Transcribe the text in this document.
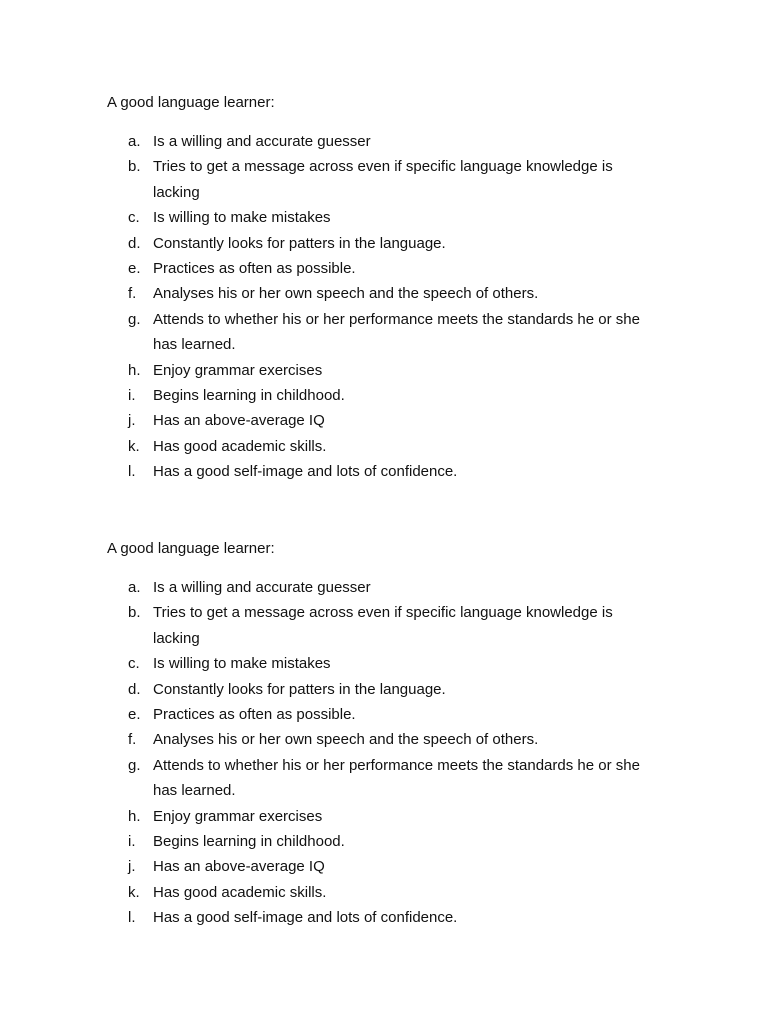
A good language learner:
a. Is a willing and accurate guesser
b. Tries to get a message across even if specific language knowledge is lacking
c. Is willing to make mistakes
d. Constantly looks for patters in the language.
e. Practices as often as possible.
f.	Analyses his or her own speech and the speech of others.
g. Attends to whether his or her performance meets the standards he or she has learned.
h. Enjoy grammar exercises
i.	Begins learning in childhood.
j.	Has an above-average IQ
k. Has good academic skills.
l.	Has a good self-image and lots of confidence.
A good language learner:
a. Is a willing and accurate guesser
b. Tries to get a message across even if specific language knowledge is lacking
c. Is willing to make mistakes
d. Constantly looks for patters in the language.
e. Practices as often as possible.
f.	Analyses his or her own speech and the speech of others.
g. Attends to whether his or her performance meets the standards he or she has learned.
h. Enjoy grammar exercises
i.	Begins learning in childhood.
j.	Has an above-average IQ
k. Has good academic skills.
l.	Has a good self-image and lots of confidence.
